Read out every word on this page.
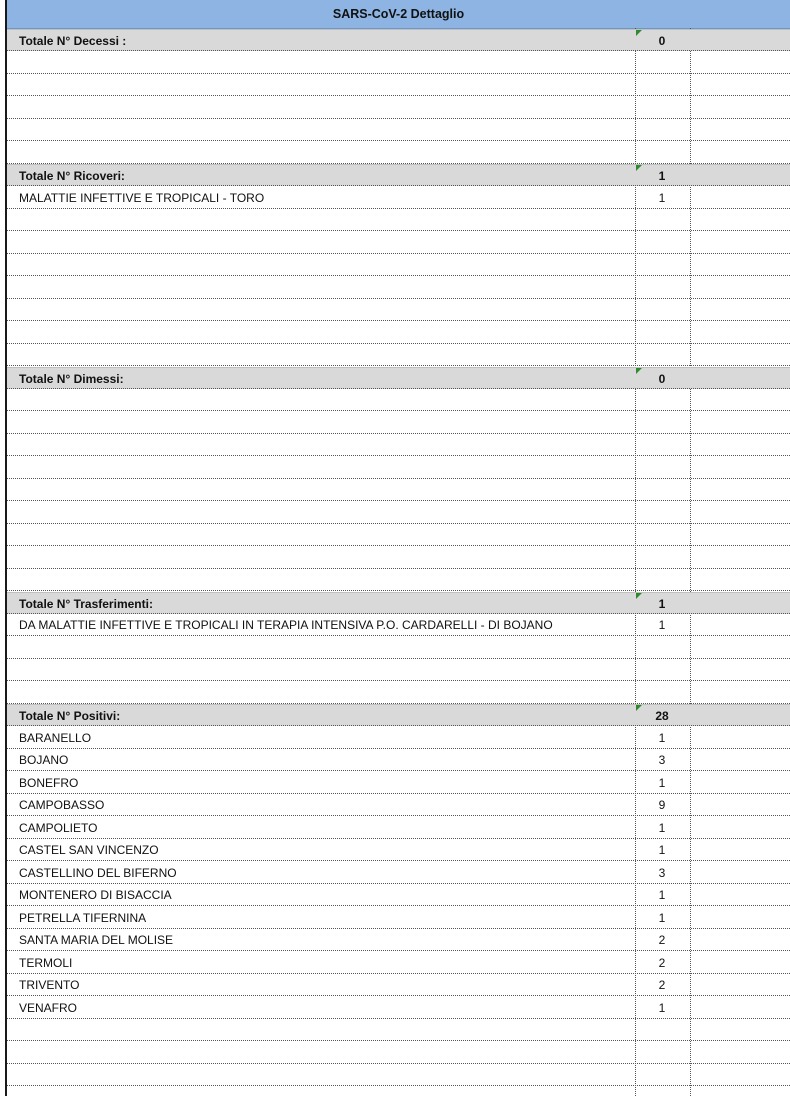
SARS-CoV-2 Dettaglio
Totale N° Decessi :	0
Totale N° Ricoveri:	1
MALATTIE INFETTIVE E TROPICALI - TORO	1
Totale N° Dimessi:	0
Totale N° Trasferimenti:	1
DA MALATTIE INFETTIVE E TROPICALI IN TERAPIA INTENSIVA P.O. CARDARELLI - DI BOJANO	1
Totale N° Positivi:	28
BARANELLO	1
BOJANO	3
BONEFRO	1
CAMPOBASSO	9
CAMPOLIETO	1
CASTEL SAN VINCENZO	1
CASTELLINO DEL BIFERNO	3
MONTENERO DI BISACCIA	1
PETRELLA TIFERNINA	1
SANTA MARIA DEL MOLISE	2
TERMOLI	2
TRIVENTO	2
VENAFRO	1
